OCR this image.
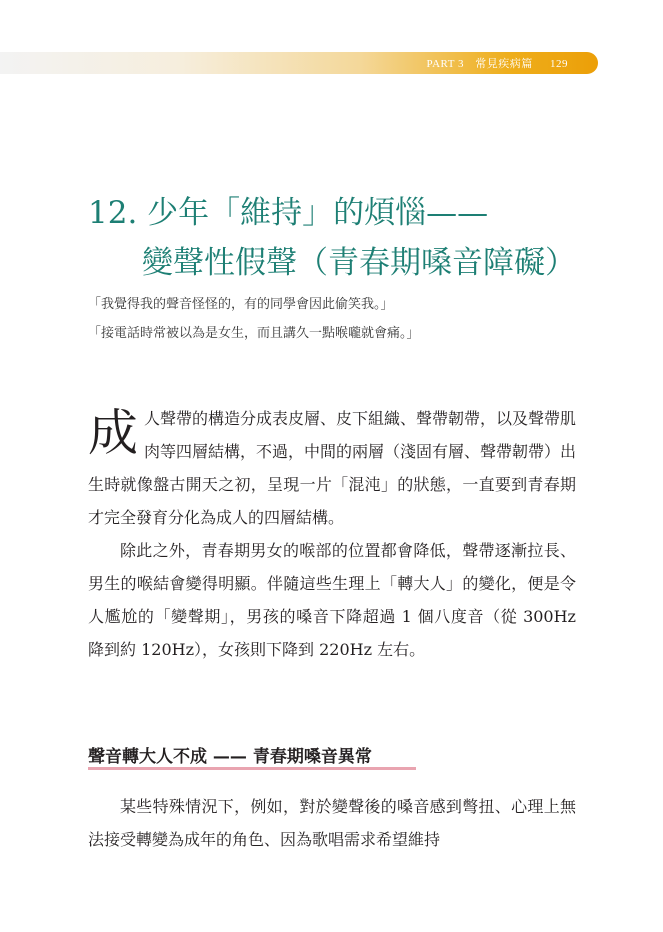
PART 3 常見疾病篇 129
12. 少年「維持」的煩惱——
變聲性假聲（青春期嗓音障礙）
「我覺得我的聲音怪怪的，有的同學會因此偷笑我。」
「接電話時常被以為是女生，而且講久一點喉嚨就會痛。」

成人聲帶的構造分成表皮層、皮下組織、聲帶韌帶，以及聲帶肌肉等四層結構，不過，中間的兩層（淺固有層、聲帶韌帶）出生時就像盤古開天之初，呈現一片「混沌」的狀態，一直要到青春期才完全發育分化為成人的四層結構。

除此之外，青春期男女的喉部的位置都會降低，聲帶逐漸拉長、男生的喉結會變得明顯。伴隨這些生理上「轉大人」的變化，便是令人尷尬的「變聲期」，男孩的嗓音下降超過 1 個八度音（從 300Hz 降到約 120Hz），女孩則下降到 220Hz 左右。

聲音轉大人不成 —— 青春期嗓音異常

某些特殊情況下，例如，對於變聲後的嗓音感到彆扭、心理上無法接受轉變為成年的角色、因為歌唱需求希望維持
